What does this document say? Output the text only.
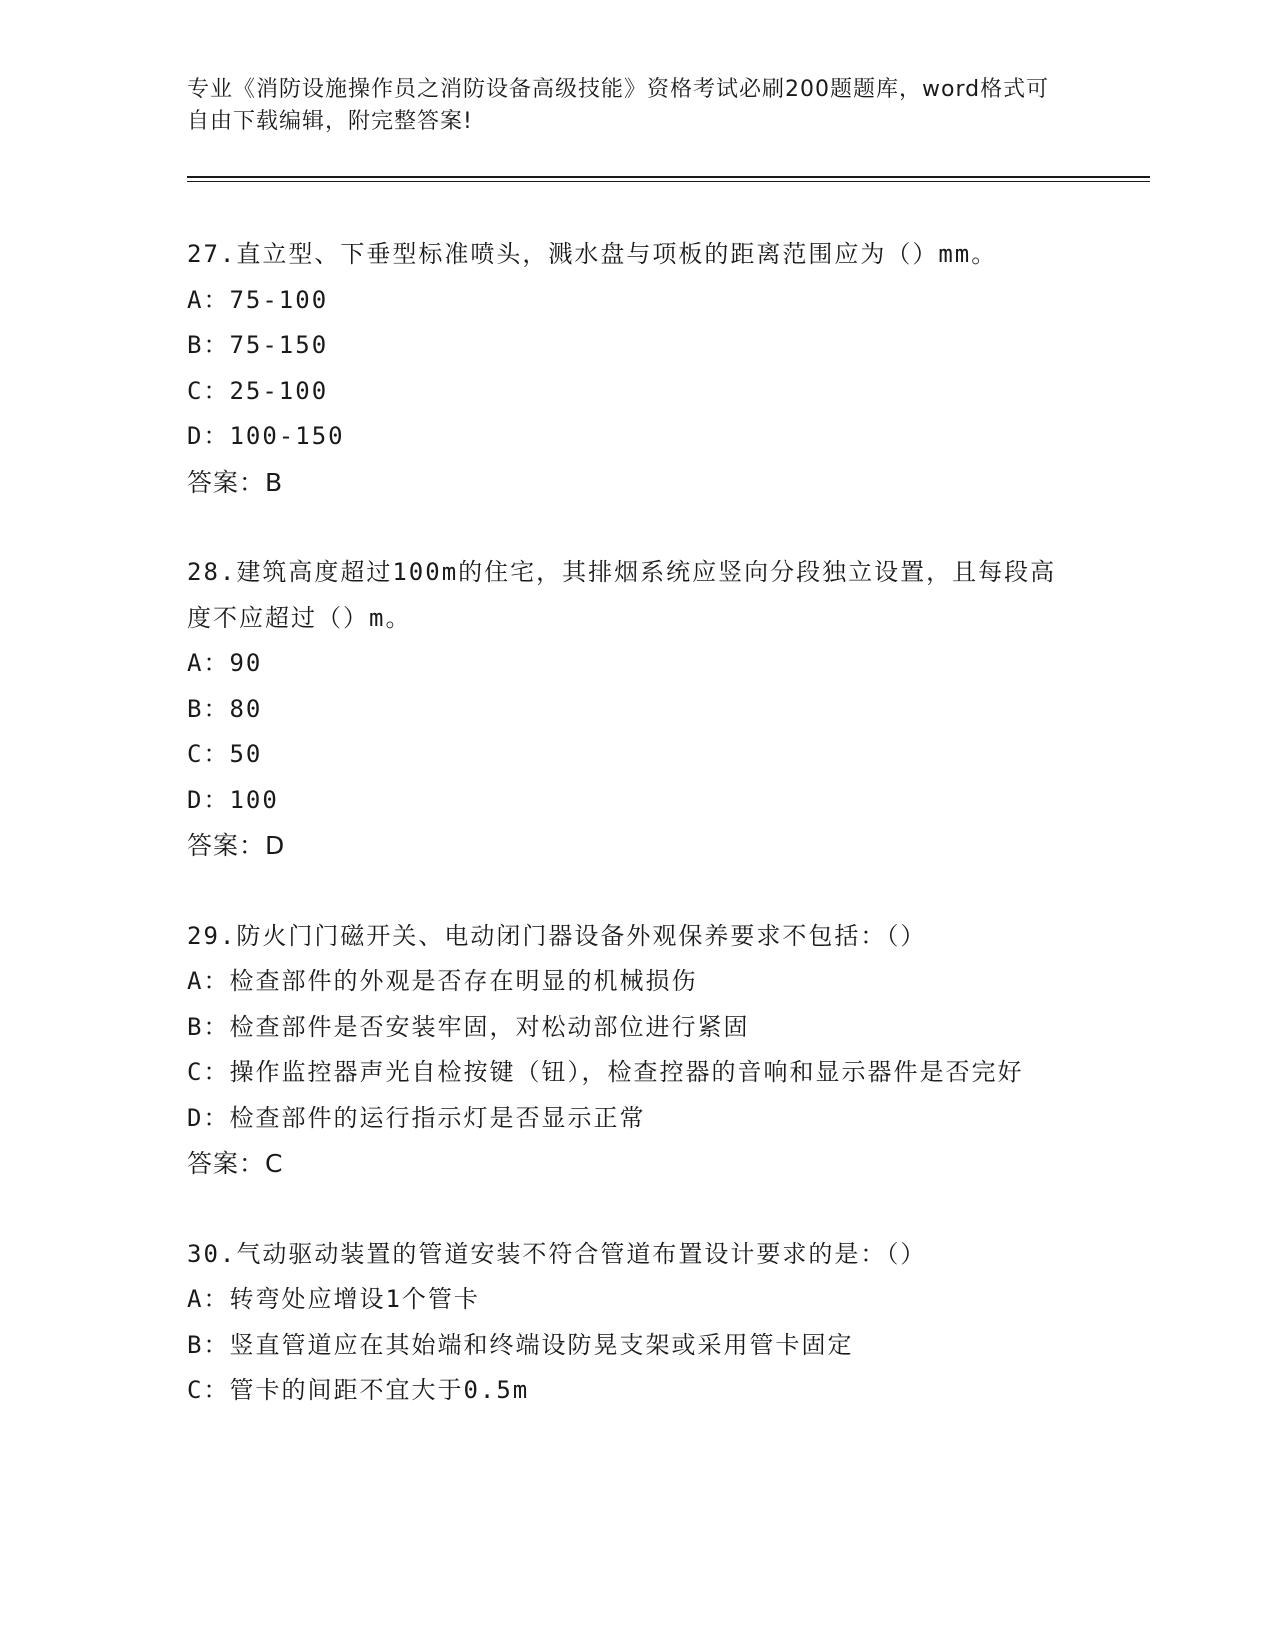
专业《消防设施操作员之消防设备高级技能》资格考试必刷200题题库，word格式可自由下载编辑，附完整答案!
27.直立型、下垂型标准喷头，溅水盘与项板的距离范围应为（）mm。
A：75-100
B：75-150
C：25-100
D：100-150
答案：B
28.建筑高度超过100m的住宅，其排烟系统应竖向分段独立设置，且每段高度不应超过（）m。
A：90
B：80
C：50
D：100
答案：D
29.防火门门磁开关、电动闭门器设备外观保养要求不包括：（）
A：检查部件的外观是否存在明显的机械损伤
B：检查部件是否安装牢固，对松动部位进行紧固
C：操作监控器声光自检按键（钮），检查控器的音响和显示器件是否完好
D：检查部件的运行指示灯是否显示正常
答案：C
30.气动驱动装置的管道安装不符合管道布置设计要求的是：（）
A：转弯处应增设1个管卡
B：竖直管道应在其始端和终端设防晃支架或采用管卡固定
C：管卡的间距不宜大于0.5m
